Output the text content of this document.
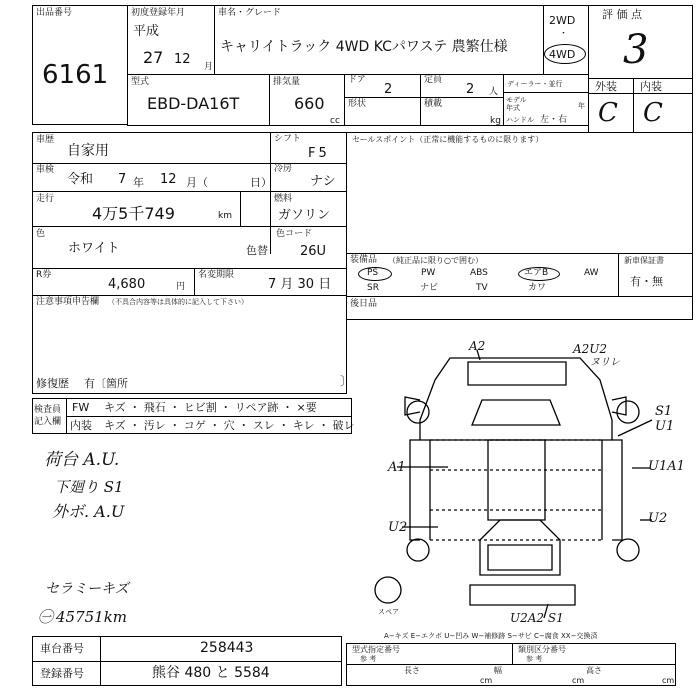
出品番号
6161
初度登録年月
平成
27 12 月
車名・グレード
キャリイトラック 4WD KCパワステ 農繁仕様
2WD
・
4WD
評 価 点
3
型式
EBD-DA16T
排気量
660
cc
ドア
2
定員
2 人
形状	積載
kg
ディーラー・並行
モデル
年式	年
ハンドル 左・右
外装 内装
C C
車歴
自家用
シフト
F5
車検
令和 7 年 12 月（	日）
冷房
ナシ
走行
4万5千749	km
燃料
ガソリン
色
ホワイト	色替
色コード
26U
R券
4,680	円
名変期限
7 月 30 日
注意事項申告欄 （不具合内容等は具体的に記入して下さい）
修復歴 有〔箇所	〕
セールスポイント（正常に機能するものに限ります）
装備品 （純正品に限り○で囲む）	新車保証書
有・無
PS	PW	ABS	エアB	AW
SR	ナビ	TV	カワ
後日品
検査員
記入欄
FW キズ ・ 飛石 ・ ヒビ割 ・ リペア跡 ・ ×要
内装 キズ ・ 汚レ ・ コゲ ・ 穴 ・ スレ ・ キレ ・ 破レ
荷台 A.U.
下廻り S1
外ボ. A.U
セラミーキズ
㊀ 45751km
A2	A2U2
ヌリレ
S1
U1
U1A1
A1
U2
U2
U2A2 S1
スペア
A−キズ E−エクボ U−凹み W−補修跡 S−サビ C−腐食 XX−交換済
車台番号	258443
登録番号	熊谷 480 と 5584
型式指定番号
参 考
類別区分番号
参 考
長さ
cm
幅
cm
高さ
cm
